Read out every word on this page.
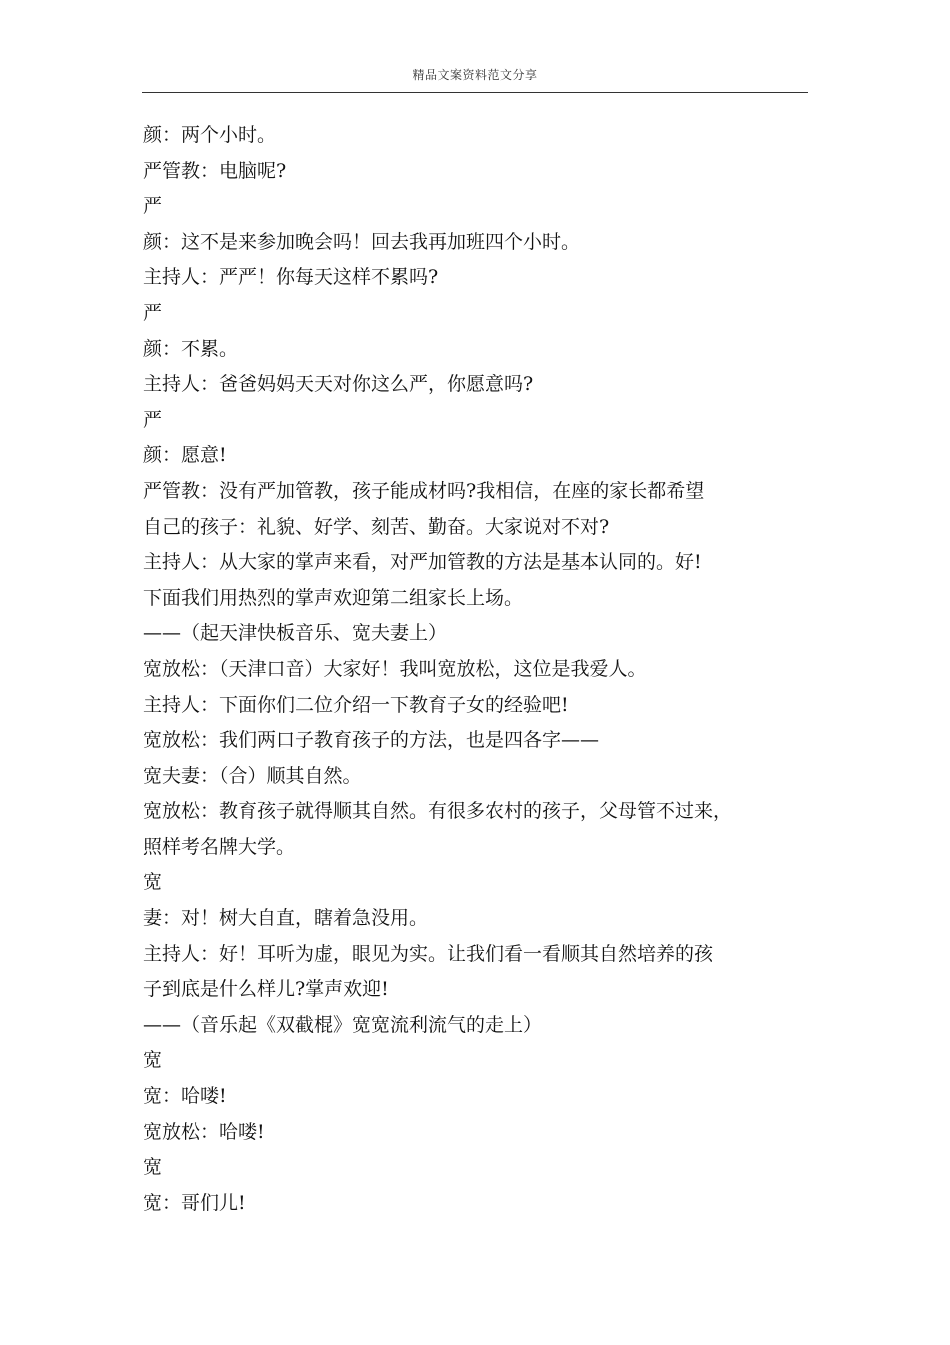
精品文案资料范文分享
颜：两个小时。
严管教：电脑呢?
严
颜：这不是来参加晚会吗！回去我再加班四个小时。
主持人：严严！你每天这样不累吗?
严
颜：不累。
主持人：爸爸妈妈天天对你这么严，你愿意吗?
严
颜：愿意!
严管教：没有严加管教，孩子能成材吗?我相信，在座的家长都希望
自己的孩子：礼貌、好学、刻苦、勤奋。大家说对不对?
主持人：从大家的掌声来看，对严加管教的方法是基本认同的。好!
下面我们用热烈的掌声欢迎第二组家长上场。
——（起天津快板音乐、宽夫妻上）
宽放松：（天津口音）大家好！我叫宽放松，这位是我爱人。
主持人：下面你们二位介绍一下教育子女的经验吧!
宽放松：我们两口子教育孩子的方法，也是四各字——
宽夫妻：（合）顺其自然。
宽放松：教育孩子就得顺其自然。有很多农村的孩子，父母管不过来，
照样考名牌大学。
宽
妻：对！树大自直，瞎着急没用。
主持人：好！耳听为虚，眼见为实。让我们看一看顺其自然培养的孩
子到底是什么样儿?掌声欢迎!
——（音乐起《双截棍》宽宽流利流气的走上）
宽
宽：哈喽!
宽放松：哈喽!
宽
宽：哥们儿!
